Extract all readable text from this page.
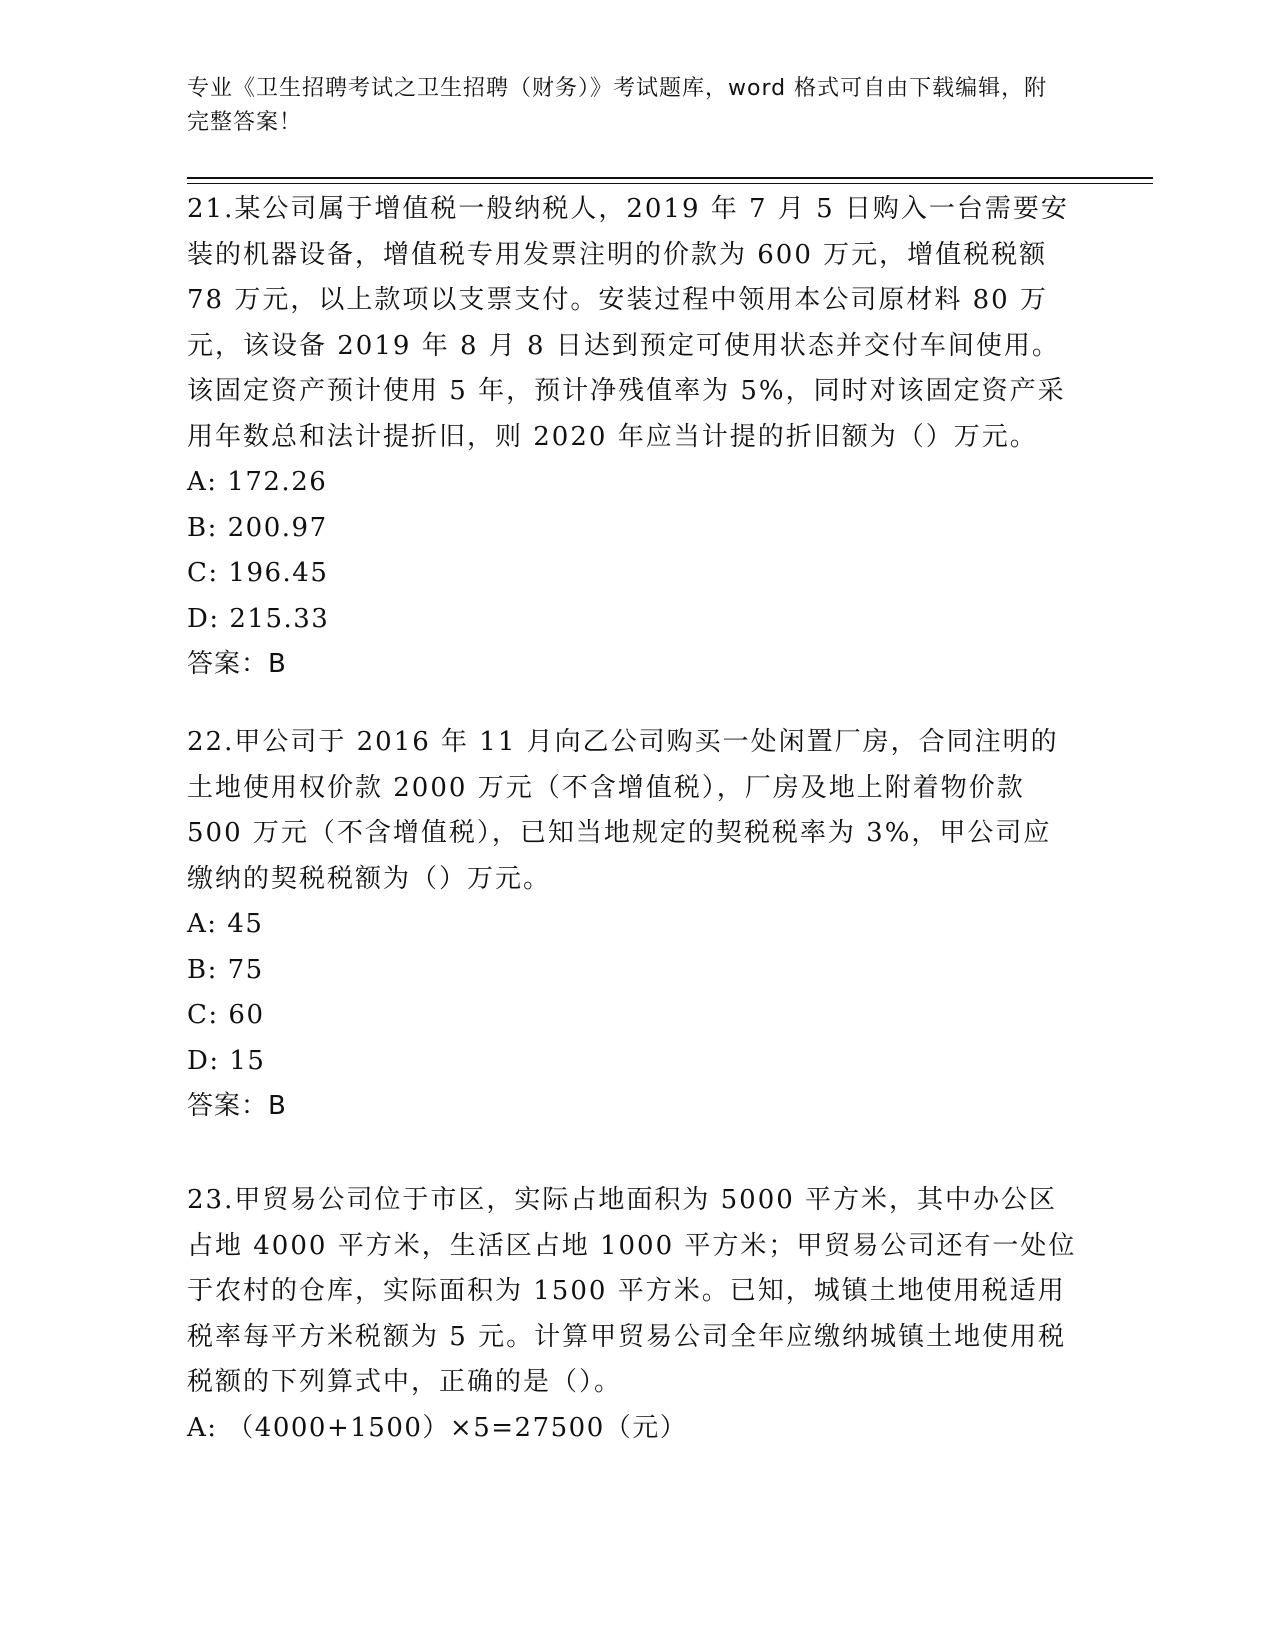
专业《卫生招聘考试之卫生招聘（财务）》考试题库，word 格式可自由下载编辑，附完整答案！

21.某公司属于增值税一般纳税人，2019 年 7 月 5 日购入一台需要安装的机器设备，增值税专用发票注明的价款为 600 万元，增值税税额 78 万元，以上款项以支票支付。安装过程中领用本公司原材料 80 万元，该设备 2019 年 8 月 8 日达到预定可使用状态并交付车间使用。该固定资产预计使用 5 年，预计净残值率为 5%，同时对该固定资产采用年数总和法计提折旧，则 2020 年应当计提的折旧额为（）万元。

A: 172.26

B: 200.97

C: 196.45

D: 215.33

答案：B

22.甲公司于 2016 年 11 月向乙公司购买一处闲置厂房，合同注明的土地使用权价款 2000 万元（不含增值税），厂房及地上附着物价款 500 万元（不含增值税），已知当地规定的契税税率为 3%，甲公司应缴纳的契税税额为（）万元。

A: 45

B: 75

C: 60

D: 15

答案：B

23.甲贸易公司位于市区，实际占地面积为 5000 平方米，其中办公区占地 4000 平方米，生活区占地 1000 平方米；甲贸易公司还有一处位于农村的仓库，实际面积为 1500 平方米。已知，城镇土地使用税适用税率每平方米税额为 5 元。计算甲贸易公司全年应缴纳城镇土地使用税税额的下列算式中，正确的是（）。

A: （4000+1500）×5=27500（元）
